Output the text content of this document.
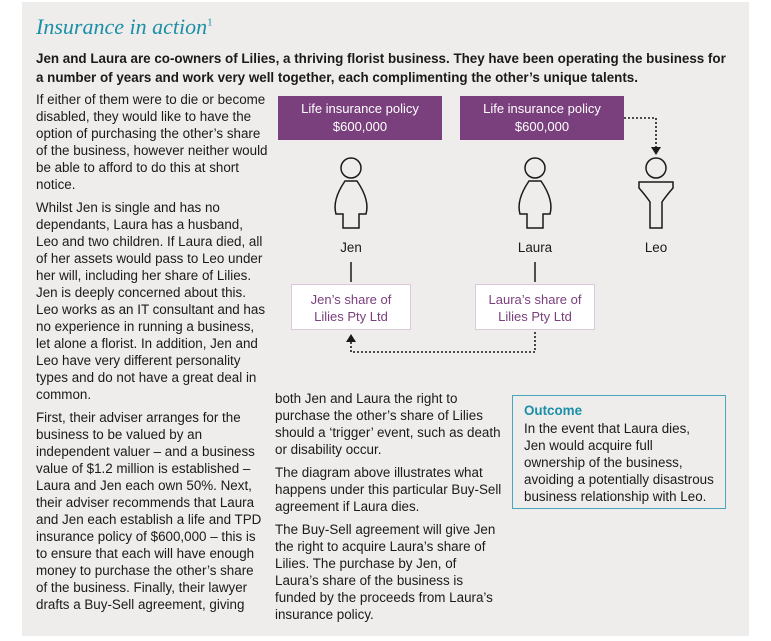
Insurance in action$^1$
Jen and Laura are co-owners of Lilies, a thriving florist business. They have been operating the business for a number of years and work very well together, each complimenting the other’s unique talents.

If either of them were to die or become disabled, they would like to have the option of purchasing the other’s share of the business, however neither would be able to afford to do this at short notice.

Whilst Jen is single and has no dependants, Laura has a husband, Leo and two children. If Laura died, all of her assets would pass to Leo under her will, including her share of Lilies. Jen is deeply concerned about this. Leo works as an IT consultant and has no experience in running a business, let alone a florist. In addition, Jen and Leo have very different personality types and do not have a great deal in common.

First, their adviser arranges for the business to be valued by an independent valuer – and a business value of $1.2 million is established – Laura and Jen each own 50%. Next, their adviser recommends that Laura and Jen each establish a life and TPD insurance policy of $600,000 – this is to ensure that each will have enough money to purchase the other’s share of the business. Finally, their lawyer drafts a Buy-Sell agreement, giving

both Jen and Laura the right to purchase the other’s share of Lilies should a ‘trigger’ event, such as death or disability occur.

The diagram above illustrates what happens under this particular Buy-Sell agreement if Laura dies.

The Buy-Sell agreement will give Jen the right to acquire Laura’s share of Lilies. The purchase by Jen, of Laura’s share of the business is funded by the proceeds from Laura’s insurance policy.

Outcome
In the event that Laura dies, Jen would acquire full ownership of the business, avoiding a potentially disastrous business relationship with Leo.
Life insurance policy
$600,000
Life insurance policy
$600,000
Jen	Laura	Leo
Jen’s share of
Lilies Pty Ltd
Laura’s share of
Lilies Pty Ltd
